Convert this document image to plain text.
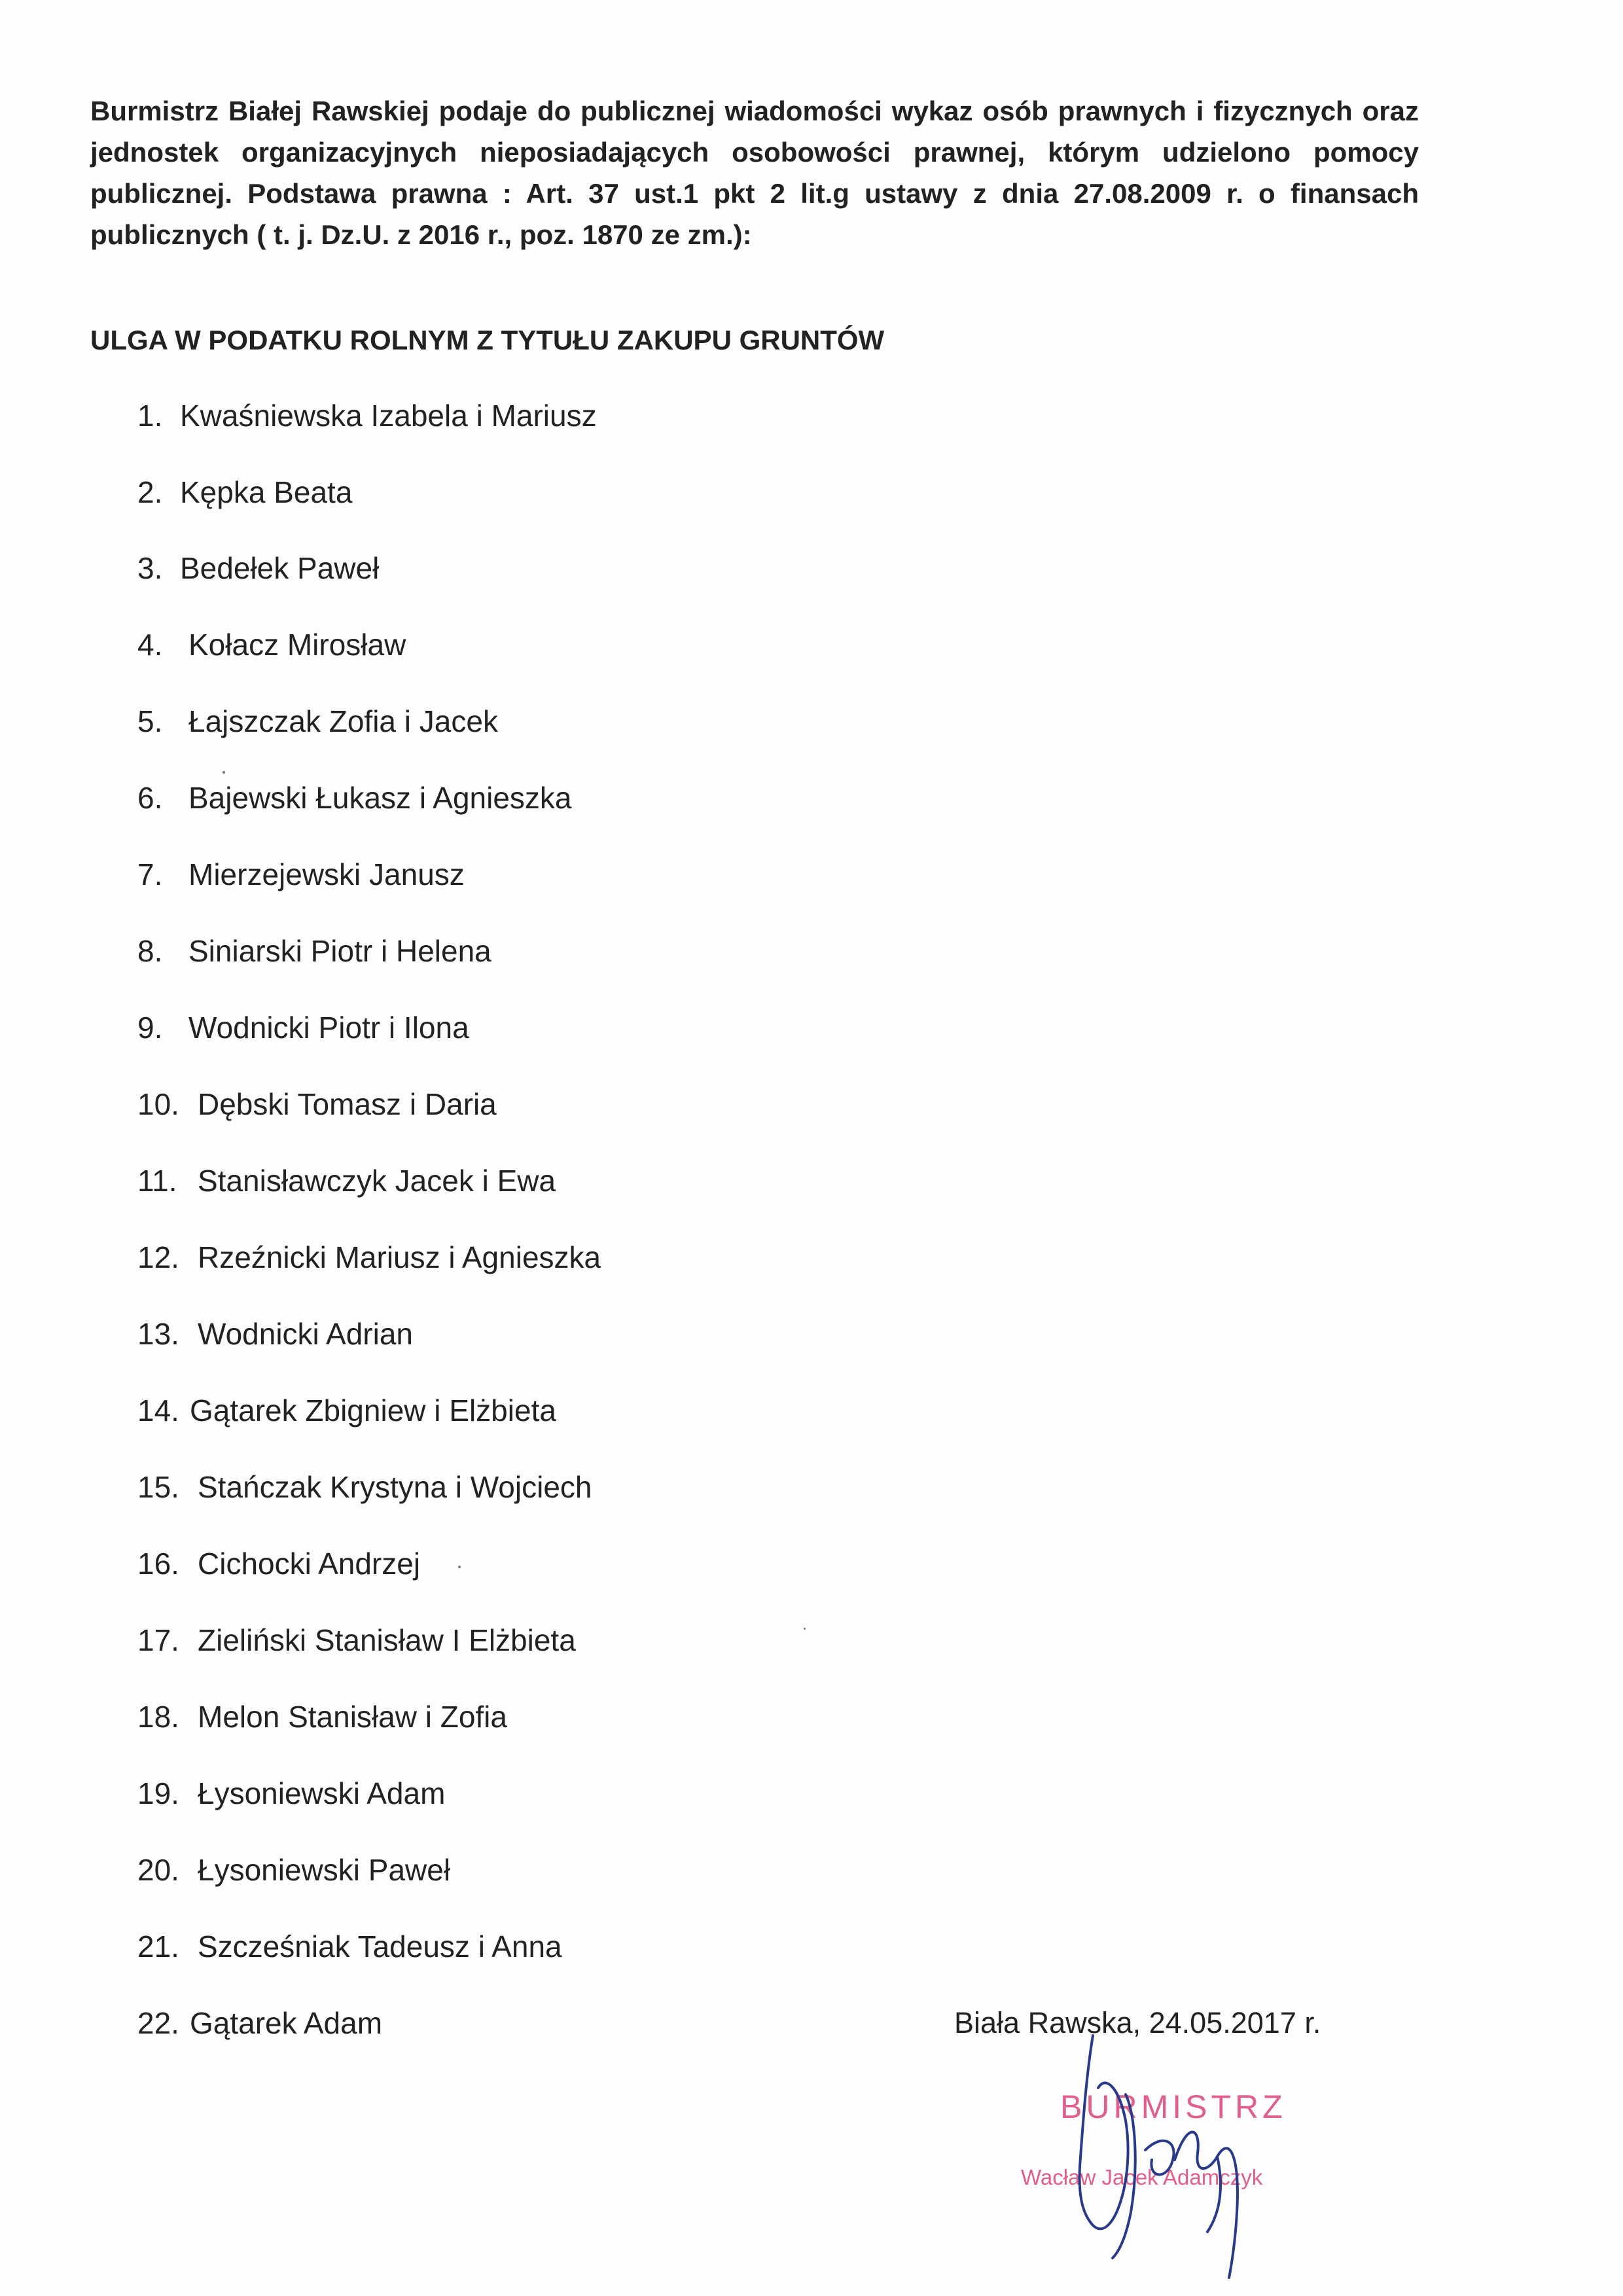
Burmistrz Białej Rawskiej podaje do publicznej wiadomości wykaz osób prawnych i fizycznych oraz jednostek organizacyjnych nieposiadających osobowości prawnej, którym udzielono pomocy publicznej. Podstawa prawna : Art. 37 ust.1 pkt 2 lit.g ustawy z dnia 27.08.2009 r. o finansach publicznych ( t. j. Dz.U. z 2016 r., poz. 1870 ze zm.):

ULGA W PODATKU ROLNYM Z TYTUŁU ZAKUPU GRUNTÓW

1. Kwaśniewska Izabela i Mariusz
2. Kępka Beata
3. Bedełek Paweł
4. Kołacz Mirosław
5. Łajszczak Zofia i Jacek
6. Bajewski Łukasz i Agnieszka
7. Mierzejewski Janusz
8. Siniarski Piotr i Helena
9. Wodnicki Piotr i Ilona
10. Dębski Tomasz i Daria
11. Stanisławczyk Jacek i Ewa
12. Rzeźnicki Mariusz i Agnieszka
13. Wodnicki Adrian
14. Gątarek Zbigniew i Elżbieta
15. Stańczak Krystyna i Wojciech
16. Cichocki Andrzej
17. Zieliński Stanisław I Elżbieta
18. Melon Stanisław i Zofia
19. Łysoniewski Adam
20. Łysoniewski Paweł
21. Szcześniak Tadeusz i Anna
22. Gątarek Adam	Biała Rawska, 24.05.2017 r.

BURMISTRZ
Wacław Jacek Adamczyk
